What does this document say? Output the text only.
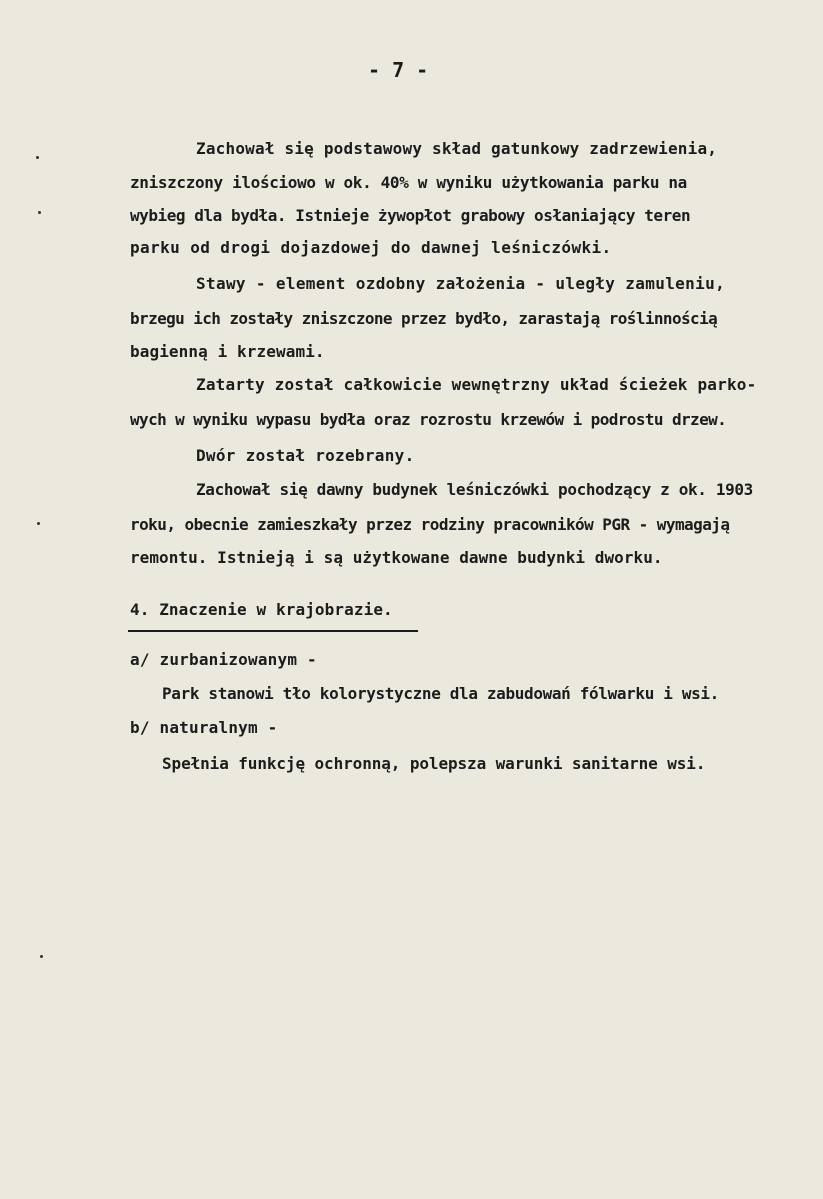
- 7 -
Zachował się podstawowy skład gatunkowy zadrzewienia,
zniszczony ilościowo w ok. 40% w wyniku użytkowania parku na
wybieg dla bydła. Istnieje żywopłot grabowy osłaniający teren
parku od drogi dojazdowej do dawnej leśniczówki.
Stawy - element ozdobny założenia - uległy zamuleniu,
brzegu ich zostały zniszczone przez bydło, zarastają roślinnością
bagienną i krzewami.
Zatarty został całkowicie wewnętrzny układ ścieżek parko-
wych w wyniku wypasu bydła oraz rozrostu krzewów i podrostu drzew.
Dwór został rozebrany.
Zachował się dawny budynek leśniczówki pochodzący z ok. 1903
roku, obecnie zamieszkały przez rodziny pracowników PGR - wymagają
remontu. Istnieją i są użytkowane dawne budynki dworku.
4. Znaczenie w krajobrazie.
a/ zurbanizowanym -
Park stanowi tło kolorystyczne dla zabudowań fólwarku i wsi.
b/ naturalnym -
Spełnia funkcję ochronną, polepsza warunki sanitarne wsi.
